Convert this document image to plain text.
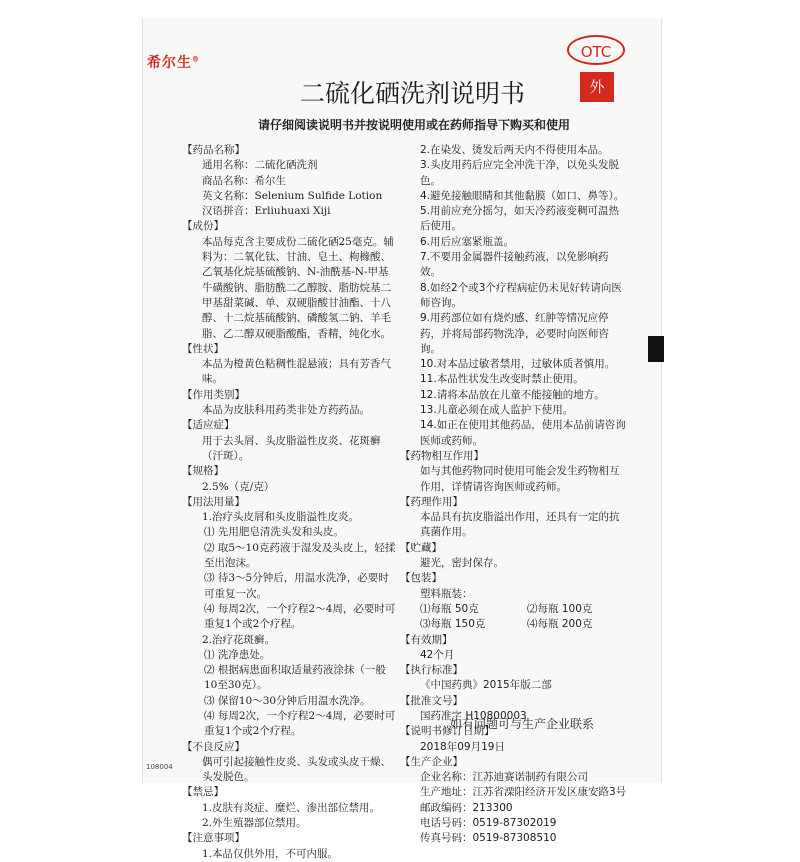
希尔生®	OTC
外
二硫化硒洗剂说明书
请仔细阅读说明书并按说明使用或在药师指导下购买和使用
【药品名称】
通用名称： 二硫化硒洗剂
商品名称： 希尔生
英文名称： Selenium Sulfide Lotion
汉语拼音： Erliuhuaxi Xiji
【成份】

本品每克含主要成份二硫化硒25毫克。辅料为：二氧化钛、甘油、皂土、枸橼酸、乙氧基化烷基硫酸钠、N-油酰基-N-甲基牛磺酸钠、脂肪酰二乙醇胺、脂肪烷基二甲基甜菜碱、单、双硬脂酸甘油酯、十八醇、十二烷基硫酸钠、磷酸氢二钠、羊毛脂、乙二醇双硬脂酸酯，香精，纯化水。

【性状】

本品为橙黄色粘稠性混悬液；具有芳香气味。

【作用类别】

本品为皮肤科用药类非处方药药品。

【适应症】

用于去头屑、头皮脂溢性皮炎、花斑癣（汗斑）。

【规格】

2.5%（克/克）

【用法用量】

1.治疗头皮屑和头皮脂溢性皮炎。

⑴ 先用肥皂清洗头发和头皮。

⑵ 取5～10克药液于湿发及头皮上，轻揉至出泡沫。

⑶ 待3～5分钟后，用温水洗净，必要时可重复一次。

⑷ 每周2次，一个疗程2～4周，必要时可重复1个或2个疗程。

2.治疗花斑癣。

⑴ 洗净患处。

⑵ 根据病患面积取适量药液涂抹（一般10至30克）。

⑶ 保留10～30分钟后用温水洗净。

⑷ 每周2次，一个疗程2～4周，必要时可重复1个或2个疗程。

【不良反应】

偶可引起接触性皮炎、头发或头皮干燥、头发脱色。

【禁忌】

1.皮肤有炎症、糜烂、渗出部位禁用。

2.外生殖器部位禁用。

【注意事项】

1.本品仅供外用，不可内服。

2.在染发、烫发后两天内不得使用本品。

3.头皮用药后应完全冲洗干净，以免头发脱色。

4.避免接触眼睛和其他黏膜（如口、鼻等）。

5.用前应充分摇匀，如天冷药液变稠可温热后使用。

6.用后应塞紧瓶盖。

7.不要用金属器件接触药液，以免影响药效。

8.如经2个或3个疗程病症仍未见好转请向医师咨询。

9.用药部位如有烧灼感、红肿等情况应停药，并将局部药物洗净，必要时向医师咨询。

10.对本品过敏者禁用，过敏体质者慎用。

11.本品性状发生改变时禁止使用。

12.请将本品放在儿童不能接触的地方。

13.儿童必须在成人监护下使用。

14.如正在使用其他药品，使用本品前请咨询医师或药师。

【药物相互作用】

如与其他药物同时使用可能会发生药物相互作用，详情请咨询医师或药师。

【药理作用】

本品具有抗皮脂溢出作用，还具有一定的抗真菌作用。

【贮藏】

避光，密封保存。

【包装】

塑料瓶装：

⑴每瓶 50克	⑵每瓶 100克
⑶每瓶 150克	⑷每瓶 200克
【有效期】

42个月

【执行标准】

《中国药典》2015年版二部

【批准文号】

国药准字 H10800003

【说明书修订日期】

2018年09月19日

【生产企业】
企业名称： 江苏迪赛诺制药有限公司
生产地址： 江苏省溧阳经济开发区康安路3号
邮政编码： 213300
电话号码： 0519-87302019
传真号码： 0519-87308510
如有问题可与生产企业联系
108004
